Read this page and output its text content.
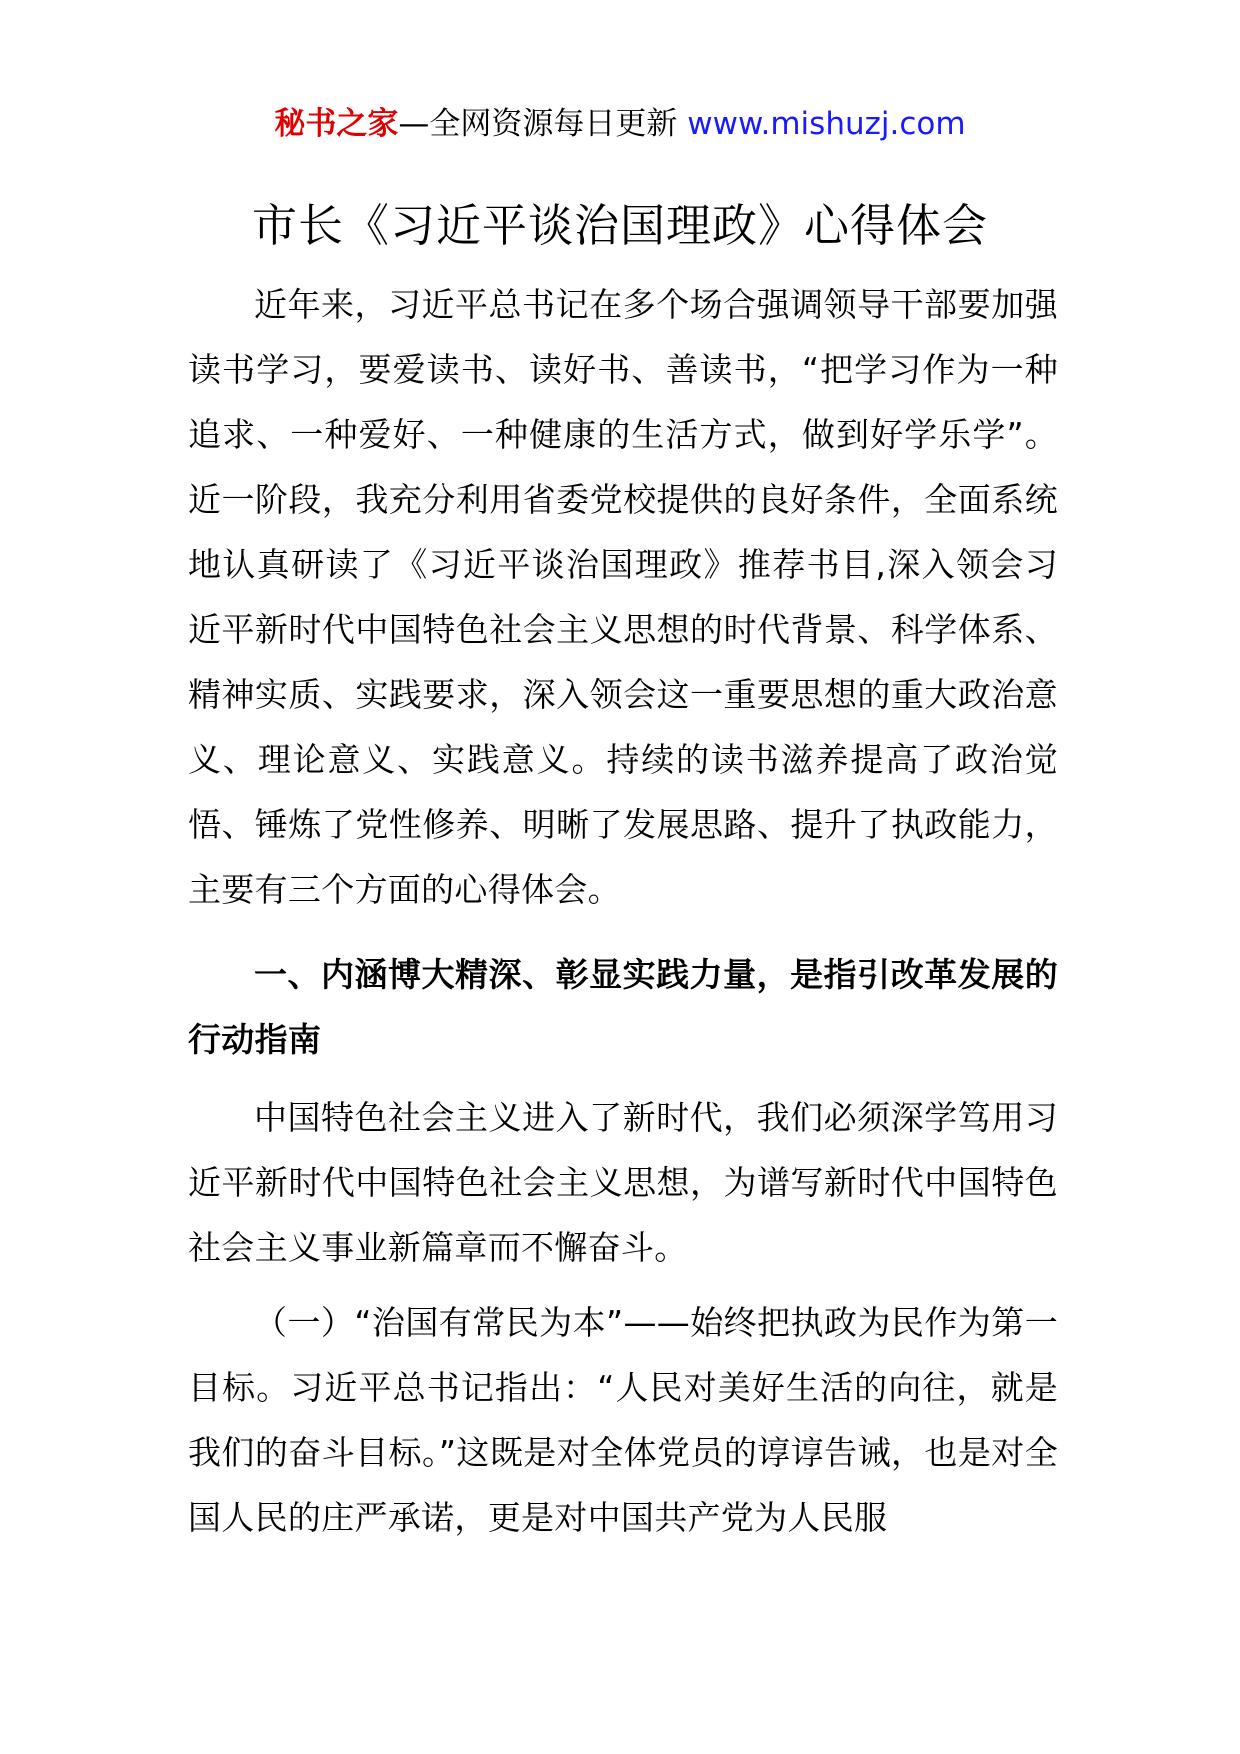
秘书之家—全网资源每日更新 www.mishuzj.com
市长《习近平谈治国理政》心得体会

近年来，习近平总书记在多个场合强调领导干部要加强读书学习，要爱读书、读好书、善读书，“把学习作为一种追求、一种爱好、一种健康的生活方式，做到好学乐学”。近一阶段，我充分利用省委党校提供的良好条件，全面系统地认真研读了《习近平谈治国理政》推荐书目,深入领会习近平新时代中国特色社会主义思想的时代背景、科学体系、精神实质、实践要求，深入领会这一重要思想的重大政治意义、理论意义、实践意义。持续的读书滋养提高了政治觉悟、锤炼了党性修养、明晰了发展思路、提升了执政能力，主要有三个方面的心得体会。

一、内涵博大精深、彰显实践力量，是指引改革发展的行动指南

中国特色社会主义进入了新时代，我们必须深学笃用习近平新时代中国特色社会主义思想，为谱写新时代中国特色社会主义事业新篇章而不懈奋斗。

（一）“治国有常民为本”——始终把执政为民作为第一目标。习近平总书记指出：“人民对美好生活的向往，就是我们的奋斗目标。”这既是对全体党员的谆谆告诫，也是对全国人民的庄严承诺，更是对中国共产党为人民服
